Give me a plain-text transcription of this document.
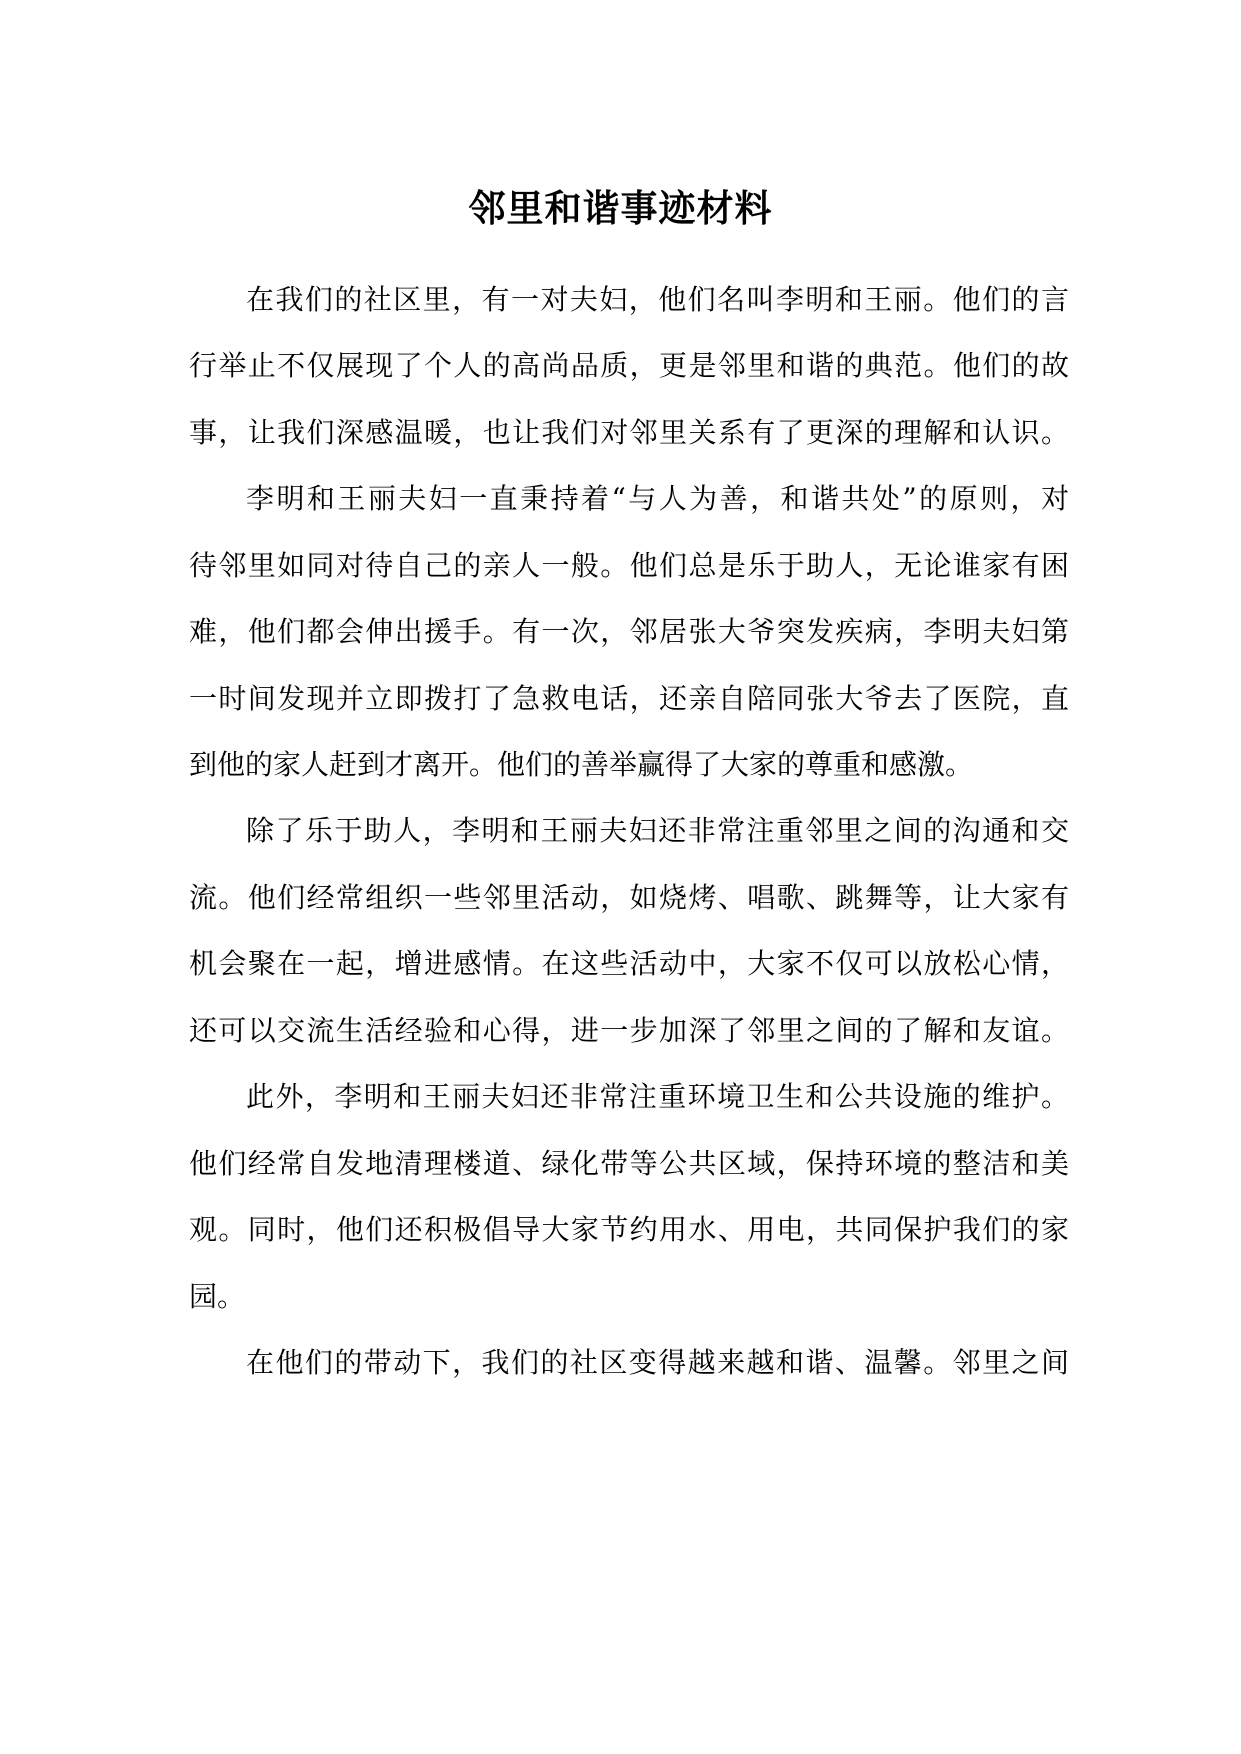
邻里和谐事迹材料

在我们的社区里，有一对夫妇，他们名叫李明和王丽。他们的言

行举止不仅展现了个人的高尚品质，更是邻里和谐的典范。他们的故

事，让我们深感温暖，也让我们对邻里关系有了更深的理解和认识。

李明和王丽夫妇一直秉持着“与人为善，和谐共处”的原则，对

待邻里如同对待自己的亲人一般。他们总是乐于助人，无论谁家有困

难，他们都会伸出援手。有一次，邻居张大爷突发疾病，李明夫妇第

一时间发现并立即拨打了急救电话，还亲自陪同张大爷去了医院，直

到他的家人赶到才离开。他们的善举赢得了大家的尊重和感激。

除了乐于助人，李明和王丽夫妇还非常注重邻里之间的沟通和交

流。他们经常组织一些邻里活动，如烧烤、唱歌、跳舞等，让大家有

机会聚在一起，增进感情。在这些活动中，大家不仅可以放松心情，

还可以交流生活经验和心得，进一步加深了邻里之间的了解和友谊。

此外，李明和王丽夫妇还非常注重环境卫生和公共设施的维护。

他们经常自发地清理楼道、绿化带等公共区域，保持环境的整洁和美

观。同时，他们还积极倡导大家节约用水、用电，共同保护我们的家

园。

在他们的带动下，我们的社区变得越来越和谐、温馨。邻里之间
